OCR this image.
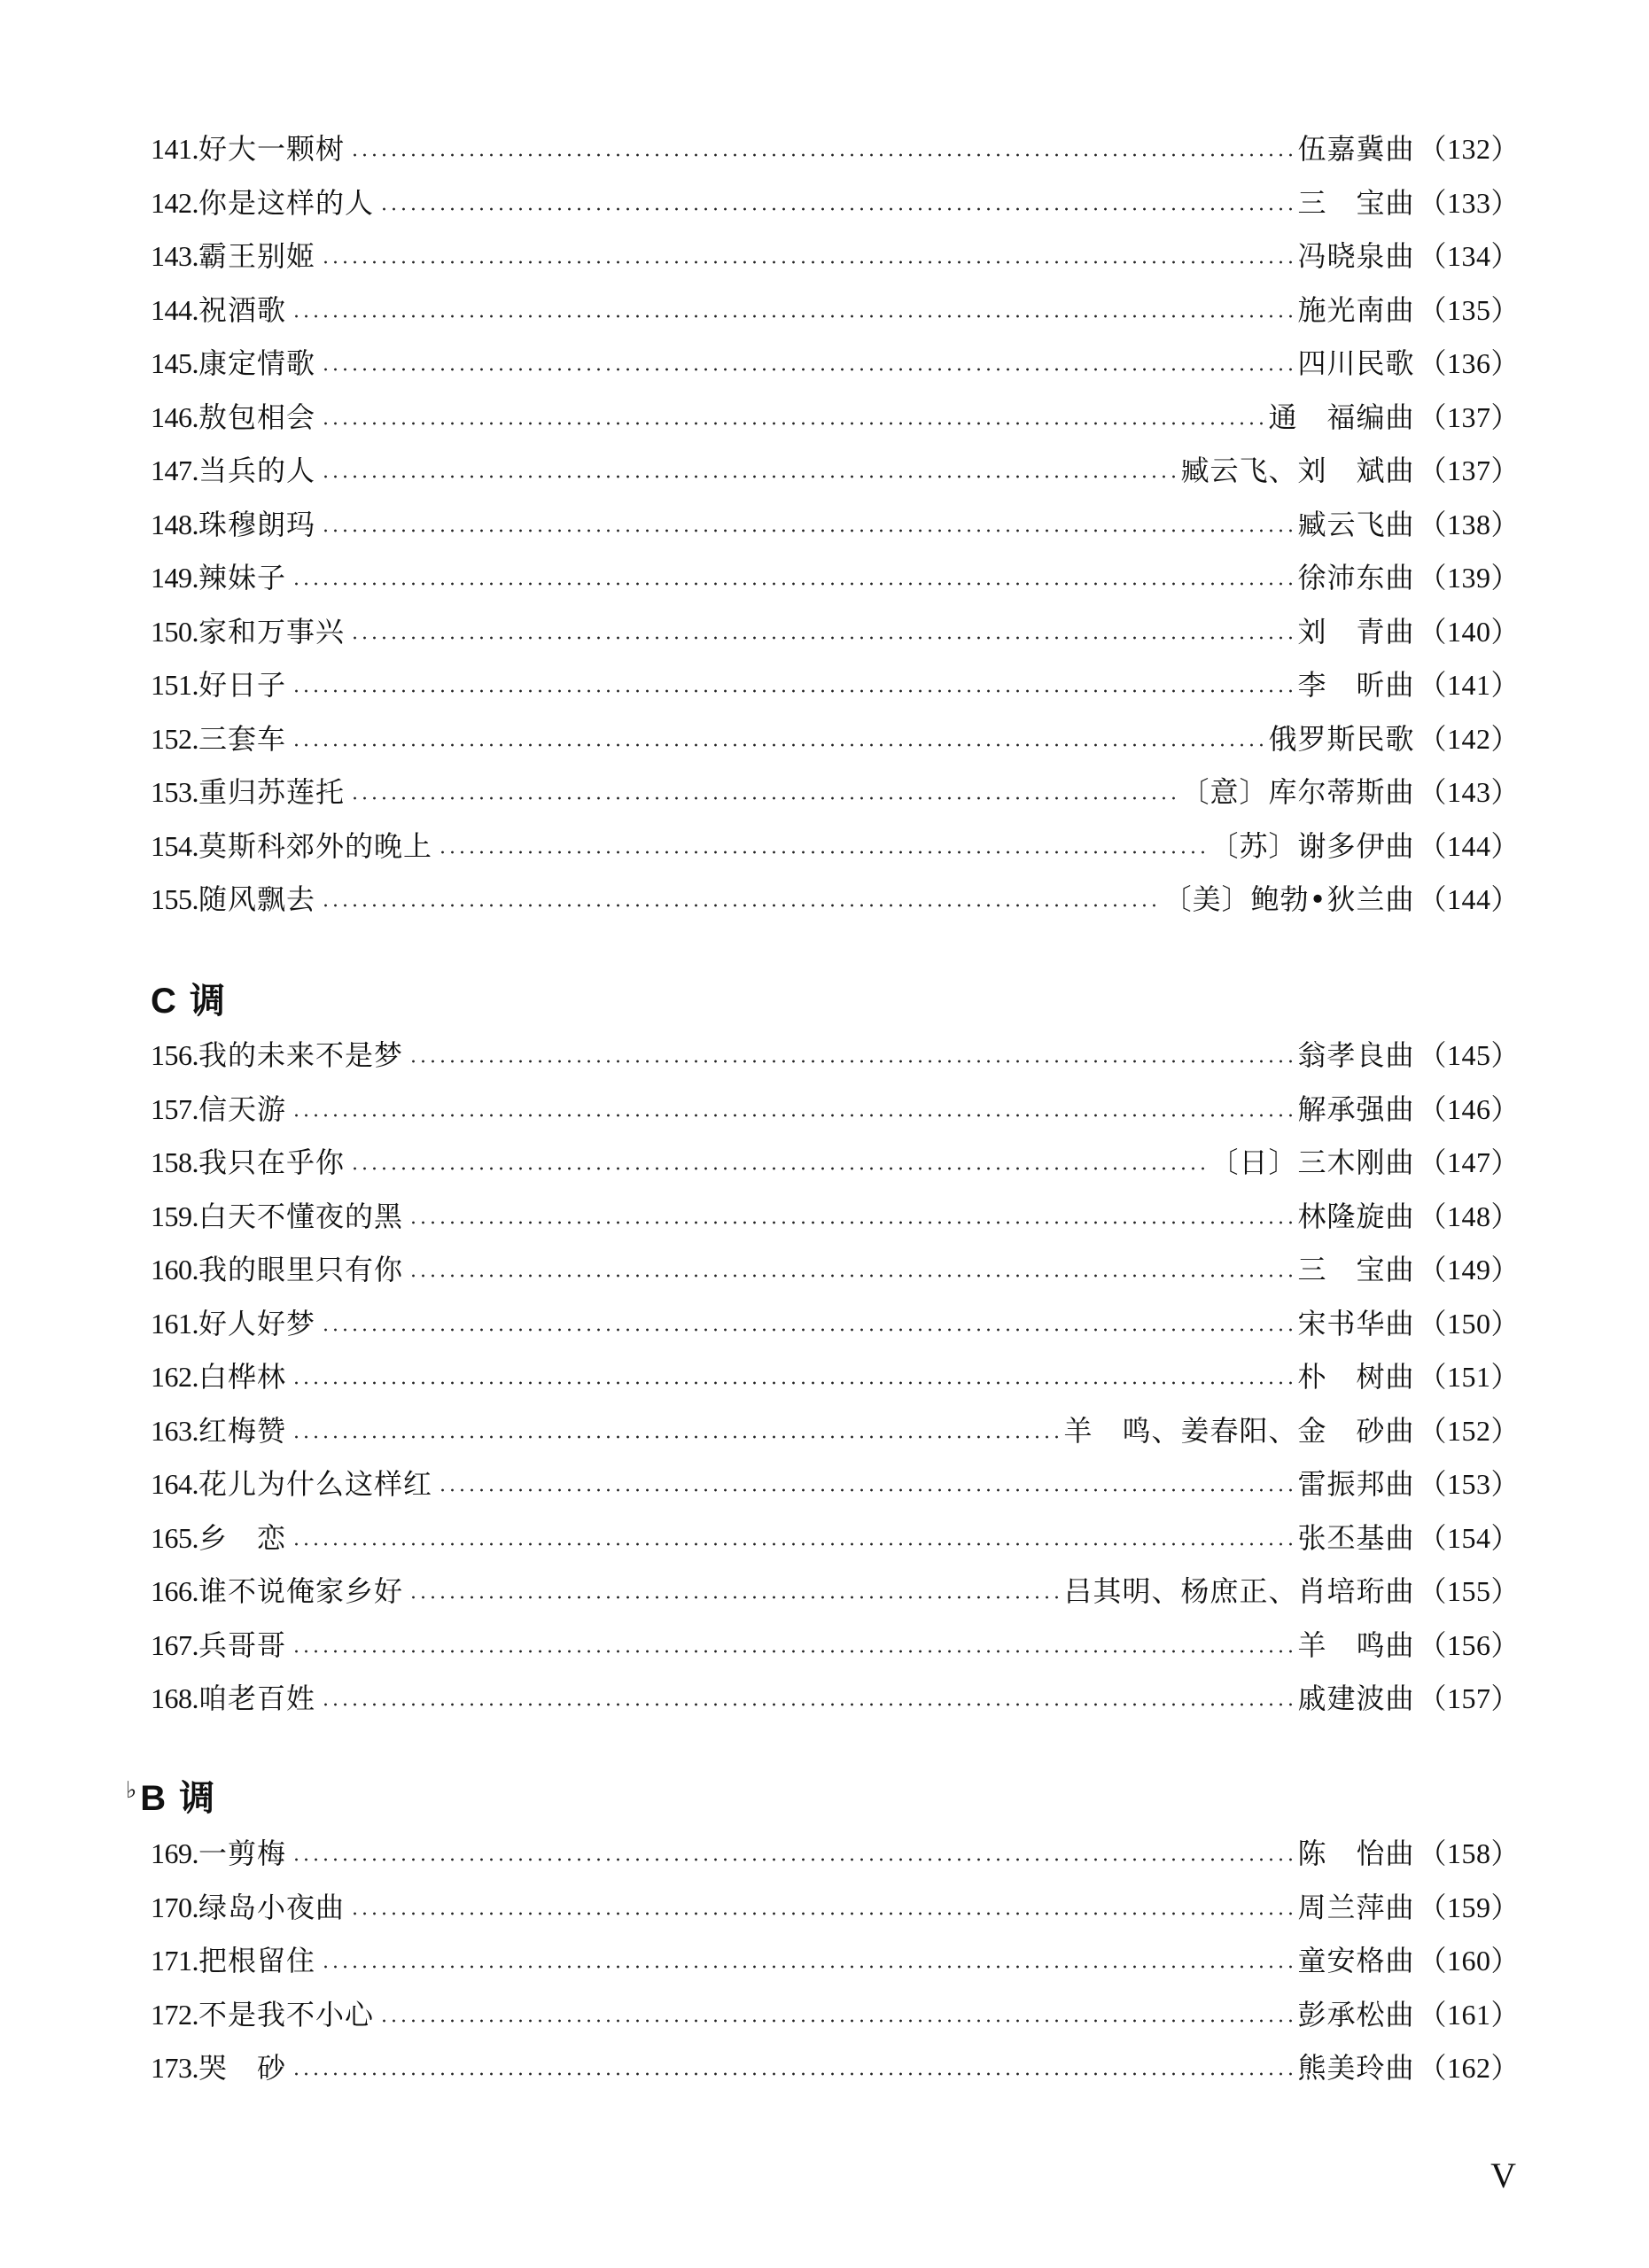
141. 好大一颗树	伍嘉冀曲 （132）
142. 你是这样的人	三　宝曲 （133）
143. 霸王别姬	冯晓泉曲 （134）
144. 祝酒歌	施光南曲 （135）
145. 康定情歌	四川民歌 （136）
146. 敖包相会	通　福编曲 （137）
147. 当兵的人	臧云飞、刘　斌曲 （137）
148. 珠穆朗玛	臧云飞曲 （138）
149. 辣妹子	徐沛东曲 （139）
150. 家和万事兴	刘　青曲 （140）
151. 好日子	李　昕曲 （141）
152. 三套车	俄罗斯民歌 （142）
153. 重归苏莲托	〔意〕库尔蒂斯曲 （143）
154. 莫斯科郊外的晚上	〔苏〕谢多伊曲 （144）
155. 随风飘去	〔美〕鲍勃•狄兰曲 （144）
C 调
156. 我的未来不是梦	翁孝良曲 （145）
157. 信天游	解承强曲 （146）
158. 我只在乎你	〔日〕三木刚曲 （147）
159. 白天不懂夜的黑	林隆旋曲 （148）
160. 我的眼里只有你	三　宝曲 （149）
161. 好人好梦	宋书华曲 （150）
162. 白桦林	朴　树曲 （151）
163. 红梅赞	羊　鸣、姜春阳、金　砂曲 （152）
164. 花儿为什么这样红	雷振邦曲 （153）
165. 乡　恋	张丕基曲 （154）
166. 谁不说俺家乡好	吕其明、杨庶正、肖培珩曲 （155）
167. 兵哥哥	羊　鸣曲 （156）
168. 咱老百姓	戚建波曲 （157）
♭B 调
169. 一剪梅	陈　怡曲 （158）
170. 绿岛小夜曲	周兰萍曲 （159）
171. 把根留住	童安格曲 （160）
172. 不是我不小心	彭承松曲 （161）
173. 哭　砂	熊美玲曲 （162）
V
